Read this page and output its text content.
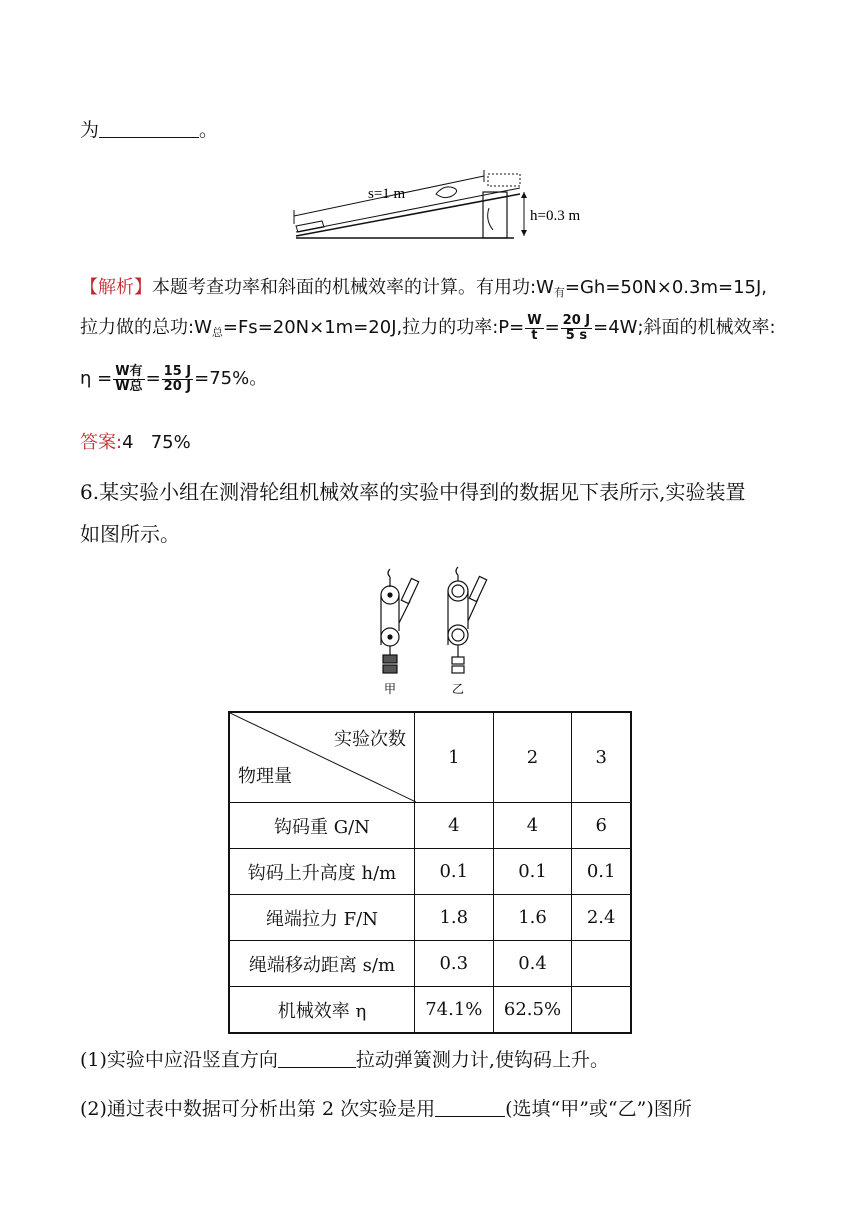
为	。
s=1 m
h=0.3 m
【解析】本题考查功率和斜面的机械效率的计算。有用功$:W_有=Gh=50N\times 0.3m=15J$,
拉力做的总功$:W_总=Fs=20N\times 1m=20J$,拉力的功率:P= $\frac{W}{t} = \frac{20 J}{5 s} =4W$;斜面的机械效率:
$\eta = \frac{\text{W有}}{\text{W总}} = \frac{15 J}{20 J} =75\%$。
答案:4   75%
6.某实验小组在测滑轮组机械效率的实验中得到的数据见下表所示,实验装置
如图所示。
甲	乙
实验次数
物理量	1	2	3
钩码重 G/N	4	4	6
钩码上升高度 h/m	0.1	0.1	0.1
绳端拉力 F/N	1.8	1.6	2.4
绳端移动距离 s/m	0.3	0.4	
机械效率 η	74.1%	62.5%	
(1)实验中应沿竖直方向	拉动弹簧测力计,使钩码上升。
(2)通过表中数据可分析出第 2 次实验是用	(选填“甲”或“乙”)图所
